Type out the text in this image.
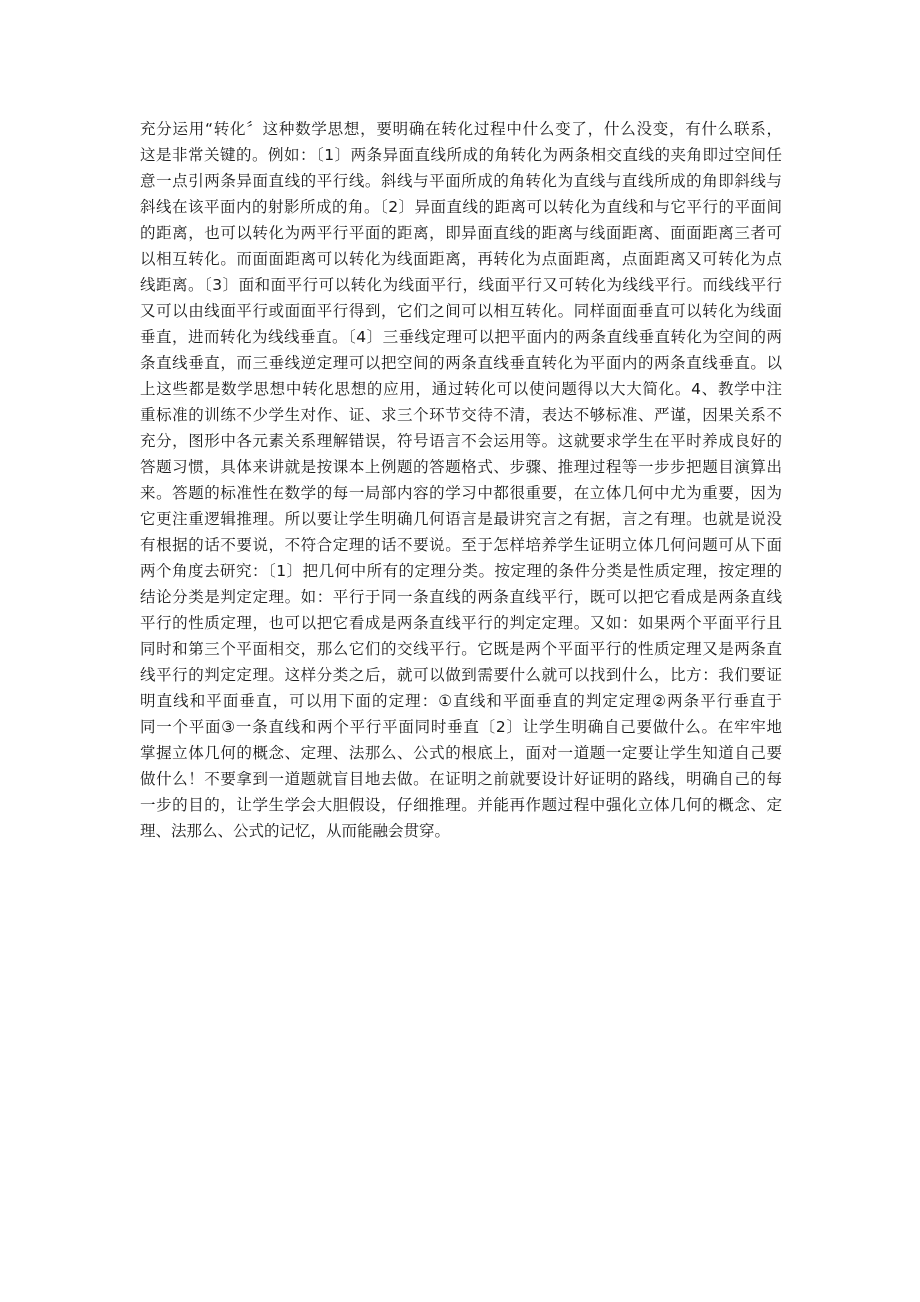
充分运用“转化〞这种数学思想，要明确在转化过程中什么变了，什么没变，有什么联系，
这是非常关键的。例如：〔1〕两条异面直线所成的角转化为两条相交直线的夹角即过空间任
意一点引两条异面直线的平行线。斜线与平面所成的角转化为直线与直线所成的角即斜线与
斜线在该平面内的射影所成的角。〔2〕异面直线的距离可以转化为直线和与它平行的平面间
的距离，也可以转化为两平行平面的距离，即异面直线的距离与线面距离、面面距离三者可
以相互转化。而面面距离可以转化为线面距离，再转化为点面距离，点面距离又可转化为点
线距离。〔3〕面和面平行可以转化为线面平行，线面平行又可转化为线线平行。而线线平行
又可以由线面平行或面面平行得到，它们之间可以相互转化。同样面面垂直可以转化为线面
垂直，进而转化为线线垂直。〔4〕三垂线定理可以把平面内的两条直线垂直转化为空间的两
条直线垂直，而三垂线逆定理可以把空间的两条直线垂直转化为平面内的两条直线垂直。以
上这些都是数学思想中转化思想的应用，通过转化可以使问题得以大大简化。4、教学中注
重标准的训练不少学生对作、证、求三个环节交待不清，表达不够标准、严谨，因果关系不
充分，图形中各元素关系理解错误，符号语言不会运用等。这就要求学生在平时养成良好的
答题习惯，具体来讲就是按课本上例题的答题格式、步骤、推理过程等一步步把题目演算出
来。答题的标准性在数学的每一局部内容的学习中都很重要，在立体几何中尤为重要，因为
它更注重逻辑推理。所以要让学生明确几何语言是最讲究言之有据，言之有理。也就是说没
有根据的话不要说，不符合定理的话不要说。至于怎样培养学生证明立体几何问题可从下面
两个角度去研究：〔1〕把几何中所有的定理分类。按定理的条件分类是性质定理，按定理的
结论分类是判定定理。如：平行于同一条直线的两条直线平行，既可以把它看成是两条直线
平行的性质定理，也可以把它看成是两条直线平行的判定定理。又如：如果两个平面平行且
同时和第三个平面相交，那么它们的交线平行。它既是两个平面平行的性质定理又是两条直
线平行的判定定理。这样分类之后，就可以做到需要什么就可以找到什么，比方：我们要证
明直线和平面垂直，可以用下面的定理：①直线和平面垂直的判定定理②两条平行垂直于
同一个平面③一条直线和两个平行平面同时垂直〔2〕让学生明确自己要做什么。在牢牢地
掌握立体几何的概念、定理、法那么、公式的根底上，面对一道题一定要让学生知道自己要
做什么！不要拿到一道题就盲目地去做。在证明之前就要设计好证明的路线，明确自己的每
一步的目的，让学生学会大胆假设，仔细推理。并能再作题过程中强化立体几何的概念、定
理、法那么、公式的记忆，从而能融会贯穿。
